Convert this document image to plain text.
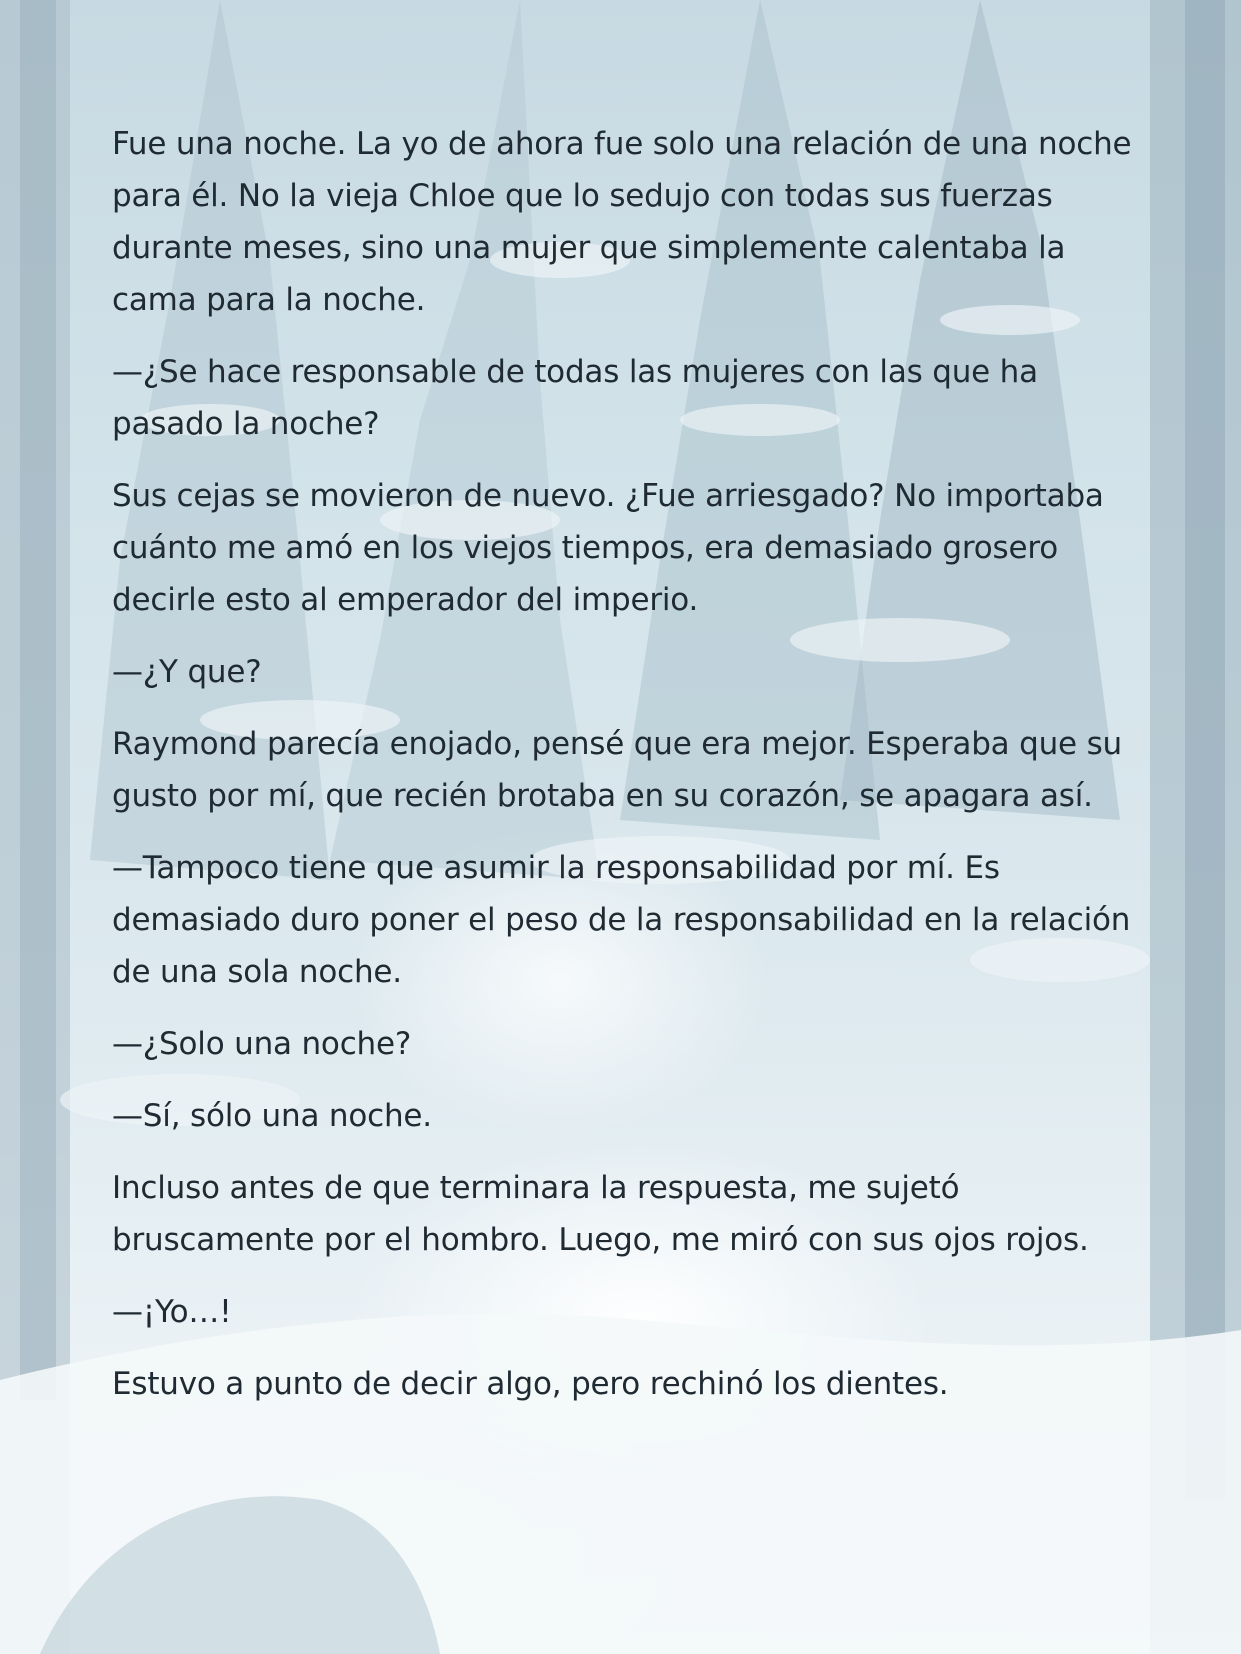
Fue una noche. La yo de ahora fue solo una relación de una noche para él. No la vieja Chloe que lo sedujo con todas sus fuerzas durante meses, sino una mujer que simplemente calentaba la cama para la noche.

—¿Se hace responsable de todas las mujeres con las que ha pasado la noche?

Sus cejas se movieron de nuevo. ¿Fue arriesgado? No importaba cuánto me amó en los viejos tiempos, era demasiado grosero decirle esto al emperador del imperio.

—¿Y que?

Raymond parecía enojado, pensé que era mejor. Esperaba que su gusto por mí, que recién brotaba en su corazón, se apagara así.

—Tampoco tiene que asumir la responsabilidad por mí. Es demasiado duro poner el peso de la responsabilidad en la relación de una sola noche.

—¿Solo una noche?

—Sí, sólo una noche.

Incluso antes de que terminara la respuesta, me sujetó bruscamente por el hombro. Luego, me miró con sus ojos rojos.

—¡Yo…!

Estuvo a punto de decir algo, pero rechinó los dientes.
